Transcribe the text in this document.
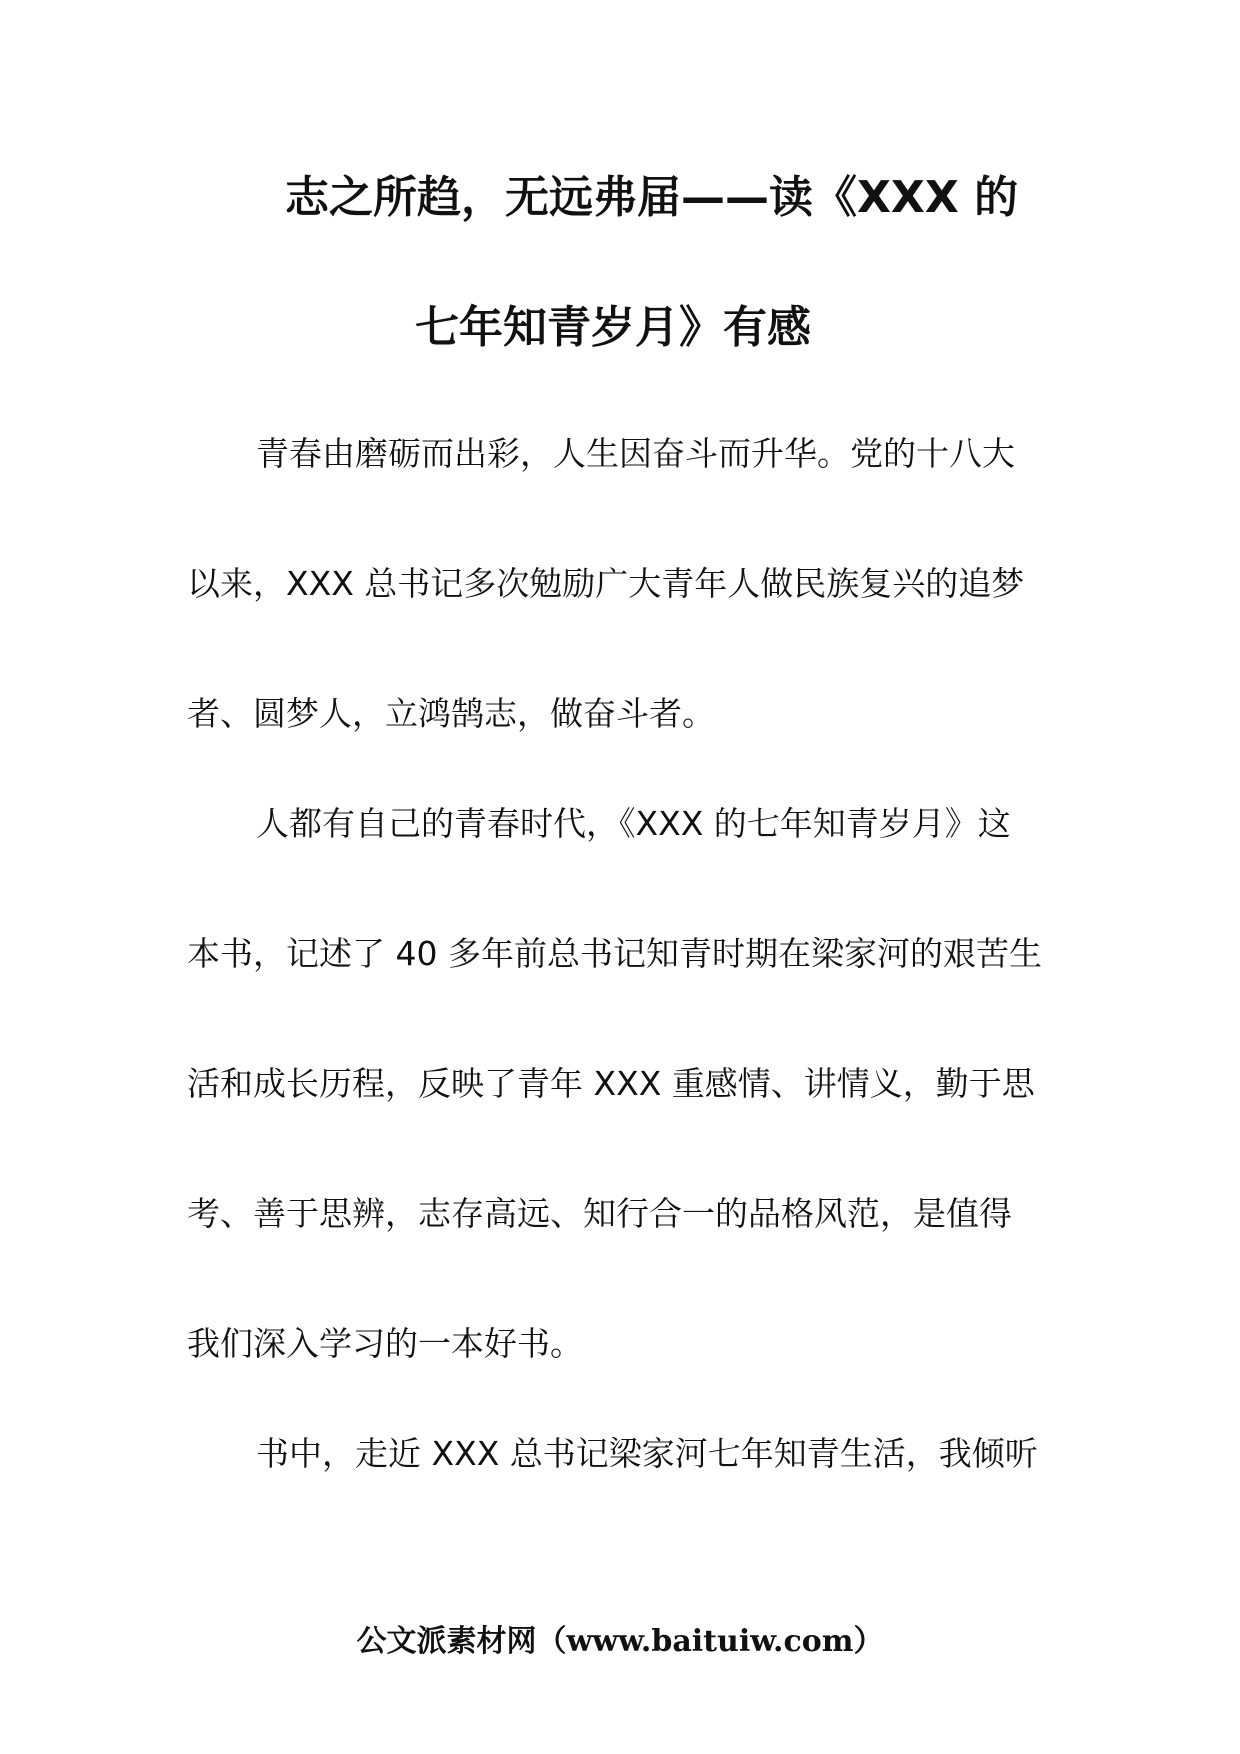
志之所趋，无远弗届——读《XXX 的
七年知青岁月》有感
青春由磨砺而出彩，人生因奋斗而升华。党的十八大
以来，XXX 总书记多次勉励广大青年人做民族复兴的追梦
者、圆梦人，立鸿鹄志，做奋斗者。
人都有自己的青春时代，《XXX 的七年知青岁月》这
本书，记述了 40 多年前总书记知青时期在梁家河的艰苦生
活和成长历程，反映了青年 XXX 重感情、讲情义，勤于思
考、善于思辨，志存高远、知行合一的品格风范，是值得
我们深入学习的一本好书。
书中，走近 XXX 总书记梁家河七年知青生活，我倾听
公文派素材网（www.baituiw.com）
